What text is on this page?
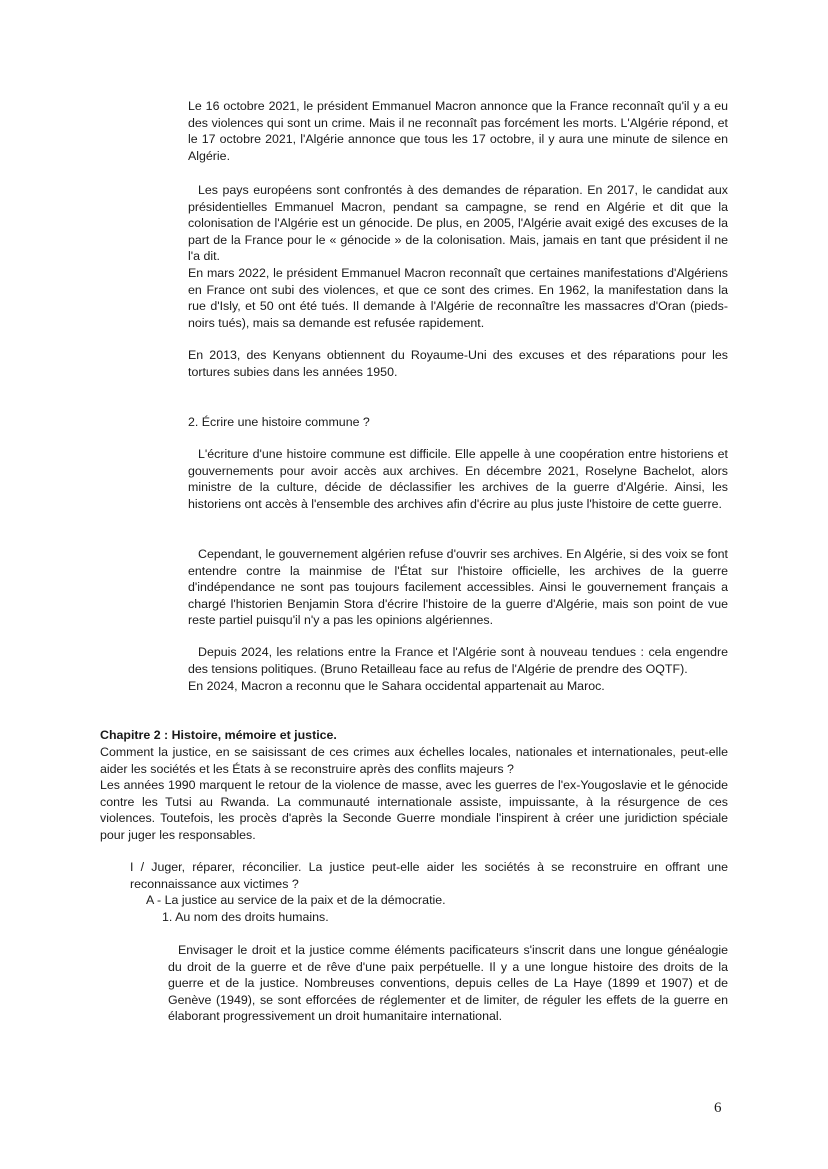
Le 16 octobre 2021, le président Emmanuel Macron annonce que la France reconnaît qu'il y a eu des violences qui sont un crime. Mais il ne reconnaît pas forcément les morts. L'Algérie répond, et le 17 octobre 2021, l'Algérie annonce que tous les 17 octobre, il y aura une minute de silence en Algérie.

Les pays européens sont confrontés à des demandes de réparation. En 2017, le candidat aux présidentielles Emmanuel Macron, pendant sa campagne, se rend en Algérie et dit que la colonisation de l'Algérie est un génocide. De plus, en 2005, l'Algérie avait exigé des excuses de la part de la France pour le « génocide » de la colonisation. Mais, jamais en tant que président il ne l'a dit.

En mars 2022, le président Emmanuel Macron reconnaît que certaines manifestations d'Algériens en France ont subi des violences, et que ce sont des crimes. En 1962, la manifestation dans la rue d'Isly, et 50 ont été tués. Il demande à l'Algérie de reconnaître les massacres d'Oran (pieds-noirs tués), mais sa demande est refusée rapidement.

En 2013, des Kenyans obtiennent du Royaume-Uni des excuses et des réparations pour les tortures subies dans les années 1950.

2. Écrire une histoire commune ?

L'écriture d'une histoire commune est difficile. Elle appelle à une coopération entre historiens et gouvernements pour avoir accès aux archives. En décembre 2021, Roselyne Bachelot, alors ministre de la culture, décide de déclassifier les archives de la guerre d'Algérie. Ainsi, les historiens ont accès à l'ensemble des archives afin d'écrire au plus juste l'histoire de cette guerre.

Cependant, le gouvernement algérien refuse d'ouvrir ses archives. En Algérie, si des voix se font entendre contre la mainmise de l'État sur l'histoire officielle, les archives de la guerre d'indépendance ne sont pas toujours facilement accessibles. Ainsi le gouvernement français a chargé l'historien Benjamin Stora d'écrire l'histoire de la guerre d'Algérie, mais son point de vue reste partiel puisqu'il n'y a pas les opinions algériennes.

Depuis 2024, les relations entre la France et l'Algérie sont à nouveau tendues : cela engendre des tensions politiques. (Bruno Retailleau face au refus de l'Algérie de prendre des OQTF).

En 2024, Macron a reconnu que le Sahara occidental appartenait au Maroc.

Chapitre 2 : Histoire, mémoire et justice.

Comment la justice, en se saisissant de ces crimes aux échelles locales, nationales et internationales, peut-elle aider les sociétés et les États à se reconstruire après des conflits majeurs ?

Les années 1990 marquent le retour de la violence de masse, avec les guerres de l'ex-Yougoslavie et le génocide contre les Tutsi au Rwanda. La communauté internationale assiste, impuissante, à la résurgence de ces violences. Toutefois, les procès d'après la Seconde Guerre mondiale l'inspirent à créer une juridiction spéciale pour juger les responsables.

I / Juger, réparer, réconcilier. La justice peut-elle aider les sociétés à se reconstruire en offrant une reconnaissance aux victimes ?

A - La justice au service de la paix et de la démocratie.

1. Au nom des droits humains.

Envisager le droit et la justice comme éléments pacificateurs s'inscrit dans une longue généalogie du droit de la guerre et de rêve d'une paix perpétuelle. Il y a une longue histoire des droits de la guerre et de la justice. Nombreuses conventions, depuis celles de La Haye (1899 et 1907) et de Genève (1949), se sont efforcées de réglementer et de limiter, de réguler les effets de la guerre en élaborant progressivement un droit humanitaire international.

6
